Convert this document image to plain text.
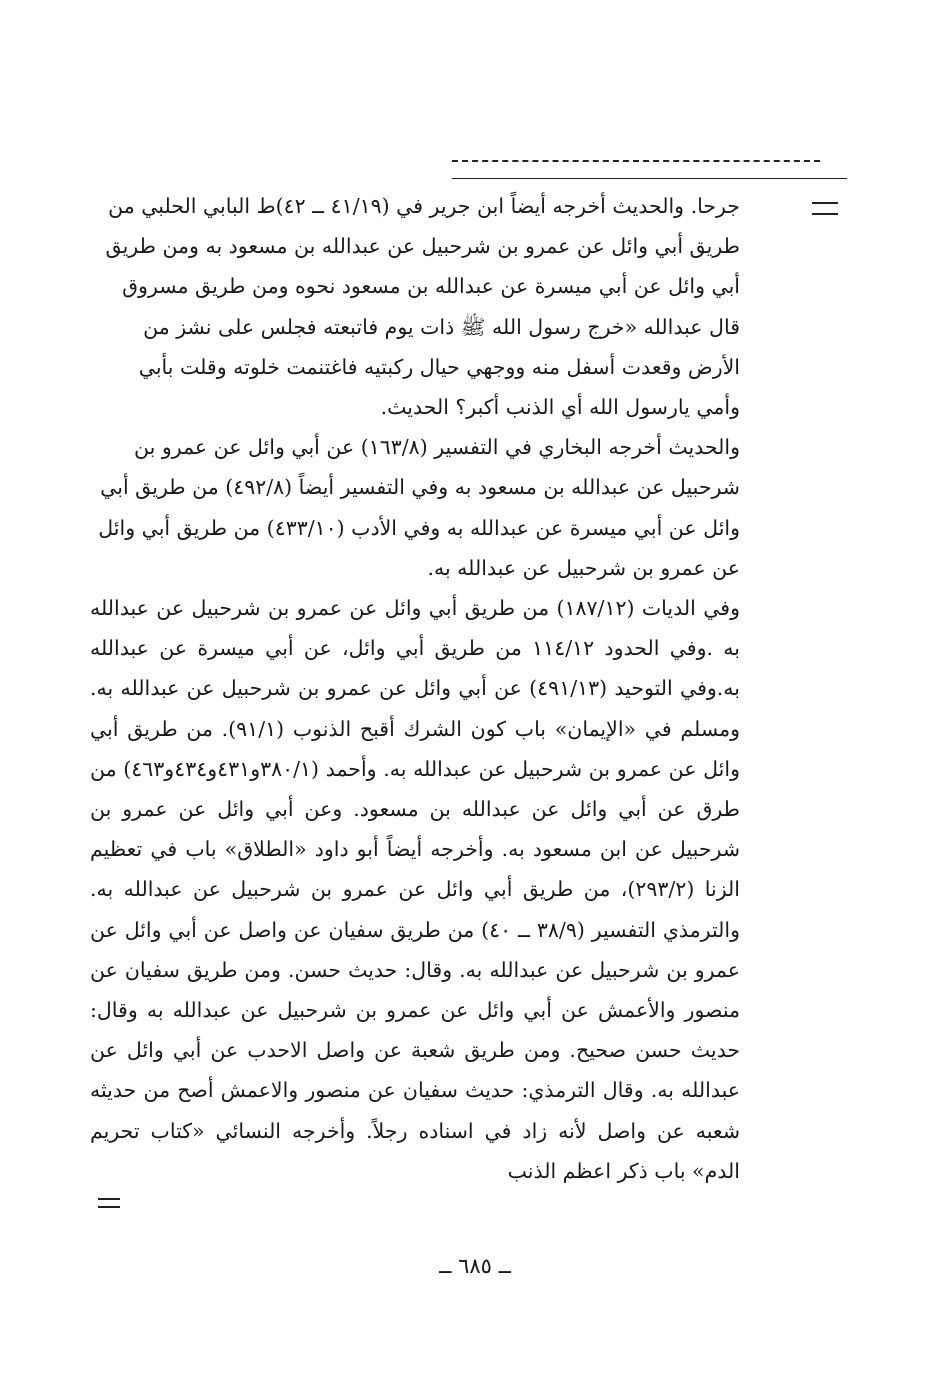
جرحا. والحديث أخرجه أيضاً ابن جرير في (٤١/١٩ ــ ٤٢)ط البابي الحلبي من طريق أبي وائل عن عمرو بن شرحبيل عن عبدالله بن مسعود به ومن طريق أبي وائل عن أبي ميسرة عن عبدالله بن مسعود نحوه ومن طريق مسروق قال عبدالله «خرج رسول الله ﷺ ذات يوم فاتبعته فجلس على نشز من الأرض وقعدت أسفل منه ووجهي حيال ركبتيه فاغتنمت خلوته وقلت بأبي وأمي يارسول الله أي الذنب أكبر؟ الحديث.

والحديث أخرجه البخاري في التفسير (١٦٣/٨) عن أبي وائل عن عمرو بن شرحبيل عن عبدالله بن مسعود به وفي التفسير أيضاً (٤٩٢/٨) من طريق أبي وائل عن أبي ميسرة عن عبدالله به وفي الأدب (٤٣٣/١٠) من طريق أبي وائل عن عمرو بن شرحبيل عن عبدالله به.

وفي الديات (١٨٧/١٢) من طريق أبي وائل عن عمرو بن شرحبيل عن عبدالله به .وفي الحدود ١١٤/١٢ من طريق أبي وائل، عن أبي ميسرة عن عبدالله به.وفي التوحيد (٤٩١/١٣) عن أبي وائل عن عمرو بن شرحبيل عن عبدالله به. ومسلم في «الإيمان» باب كون الشرك أقبح الذنوب (٩١/١). من طريق أبي وائل عن عمرو بن شرحبيل عن عبدالله به. وأحمد (٣٨٠/١و٤٣١و٤٣٤و٤٦٣) من طرق عن أبي وائل عن عبدالله بن مسعود. وعن أبي وائل عن عمرو بن شرحبيل عن ابن مسعود به. وأخرجه أيضاً أبو داود «الطلاق» باب في تعظيم الزنا (٢٩٣/٢)، من طريق أبي وائل عن عمرو بن شرحبيل عن عبدالله به. والترمذي التفسير (٣٨/٩ ــ ٤٠) من طريق سفيان عن واصل عن أبي وائل عن عمرو بن شرحبيل عن عبدالله به. وقال: حديث حسن. ومن طريق سفيان عن منصور والأعمش عن أبي وائل عن عمرو بن شرحبيل عن عبدالله به وقال: حديث حسن صحيح. ومن طريق شعبة عن واصل الاحدب عن أبي وائل عن عبدالله به. وقال الترمذي: حديث سفيان عن منصور والاعمش أصح من حديثه شعبه عن واصل لأنه زاد في اسناده رجلاً. وأخرجه النسائي «كتاب تحريم الدم» باب ذكر اعظم الذنب

ــ ٦٨٥ ــ
